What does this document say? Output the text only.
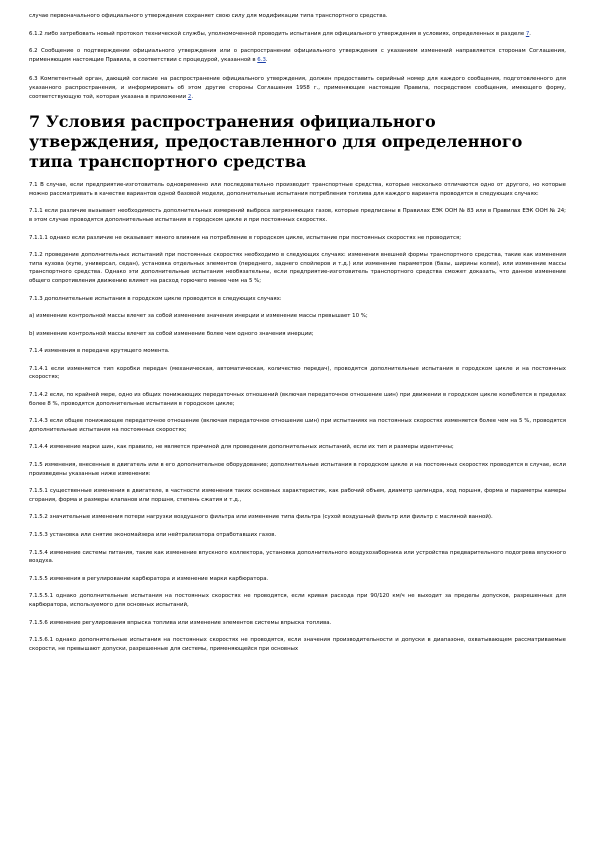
случае первоначального официального утверждения сохраняет свою силу для модификации типа транспортного средства.

6.1.2 либо затребовать новый протокол технической службы, уполномоченной проводить испытания для официального утверждения в условиях, определенных в разделе 7.

6.2 Сообщение о подтверждении официального утверждения или о распространении официального утверждения с указанием изменений направляется сторонам Соглашения, применяющим настоящие Правила, в соответствии с процедурой, указанной в 6.3.

6.3 Компетентный орган, дающий согласие на распространение официального утверждения, должен предоставить серийный номер для каждого сообщения, подготовленного для указанного распространения, и информировать об этом другие стороны Соглашения 1958 г., применяющие настоящие Правила, посредством сообщения, имеющего форму, соответствующую той, которая указана в приложении 2.

7 Условия распространения официального утверждения, предоставленного для определенного типа транспортного средства

7.1 В случае, если предприятие-изготовитель одновременно или последовательно производит транспортные средства, которые несколько отличаются одно от другого, но которые можно рассматривать в качестве вариантов одной базовой модели, дополнительные испытания потребления топлива для каждого варианта проводятся в следующих случаях:

7.1.1 если различие вызывает необходимость дополнительных измерений выброса загрязняющих газов, которые предписаны в Правилах ЕЭК ООН № 83 или в Правилах ЕЭК ООН № 24; в этом случае проводятся дополнительные испытания в городском цикле и при постоянных скоростях.

7.1.1.1 однако если различие не оказывает явного влияния на потребление в городском цикле, испытание при постоянных скоростях не проводится;

7.1.2 проведение дополнительных испытаний при постоянных скоростях необходимо в следующих случаях: изменения внешней формы транспортного средства, такие как изменения типа кузова (купе, универсал, седан), установка отдельных элементов (переднего, заднего спойлеров и т.д.) или изменение параметров (базы, ширины колеи), или изменение массы транспортного средства. Однако эти дополнительные испытания необязательны, если предприятие-изготовитель транспортного средства сможет доказать, что данное изменение общего сопротивления движению влияет на расход горючего менее чем на 5 %;

7.1.3 дополнительные испытания в городском цикле проводятся в следующих случаях:

а) изменение контрольной массы влечет за собой изменение значения инерции и изменение массы превышает 10 %;

b) изменение контрольной массы влечет за собой изменение более чем одного значения инерции;

7.1.4 изменения в передаче крутящего момента.

7.1.4.1 если изменяется тип коробки передач (механическая, автоматическая, количество передач), проводятся дополнительные испытания в городском цикле и на постоянных скоростях;

7.1.4.2 если, по крайней мере, одно из общих понижающих передаточных отношений (включая передаточное отношение шин) при движении в городском цикле колеблется в пределах более 8 %, проводятся дополнительные испытания в городском цикле;

7.1.4.3 если общее понижающее передаточное отношение (включая передаточное отношение шин) при испытаниях на постоянных скоростях изменяется более чем на 5 %, проводятся дополнительные испытания на постоянных скоростях;

7.1.4.4 изменение марки шин, как правило, не является причиной для проведения дополнительных испытаний, если их тип и размеры идентичны;

7.1.5 изменения, внесенные в двигатель или в его дополнительное оборудование; дополнительные испытания в городском цикле и на постоянных скоростях проводятся в случае, если произведены указанные ниже изменения:

7.1.5.1 существенные изменения в двигателе, в частности изменения таких основных характеристик, как рабочий объем, диаметр цилиндра, ход поршня, форма и параметры камеры сгорания, форма и размеры клапанов или поршня, степень сжатия и т.д.,

7.1.5.2 значительные изменения потери нагрузки воздушного фильтра или изменение типа фильтра (сухой воздушный фильтр или фильтр с масляной ванной).

7.1.5.3 установка или снятие экономайзера или нейтрализатора отработавших газов.

7.1.5.4 изменение системы питания, такие как изменение впускного коллектора, установка дополнительного воздухозаборника или устройства предварительного подогрева впускного воздуха.

7.1.5.5 изменения в регулировании карбюратора и изменение марки карбюратора.

7.1.5.5.1 однако дополнительные испытания на постоянных скоростях не проводятся, если кривая расхода при 90/120 км/ч не выходит за пределы допусков, разрешенных для карбюратора, используемого для основных испытаний,

7.1.5.6 изменение регулирования впрыска топлива или изменение элементов системы впрыска топлива.

7.1.5.6.1 однако дополнительные испытания на постоянных скоростях не проводятся, если значения производительности и допуски в диапазоне, охватывающем рассматриваемые скорости, не превышают допуски, разрешенные для системы, применяющейся при основных
